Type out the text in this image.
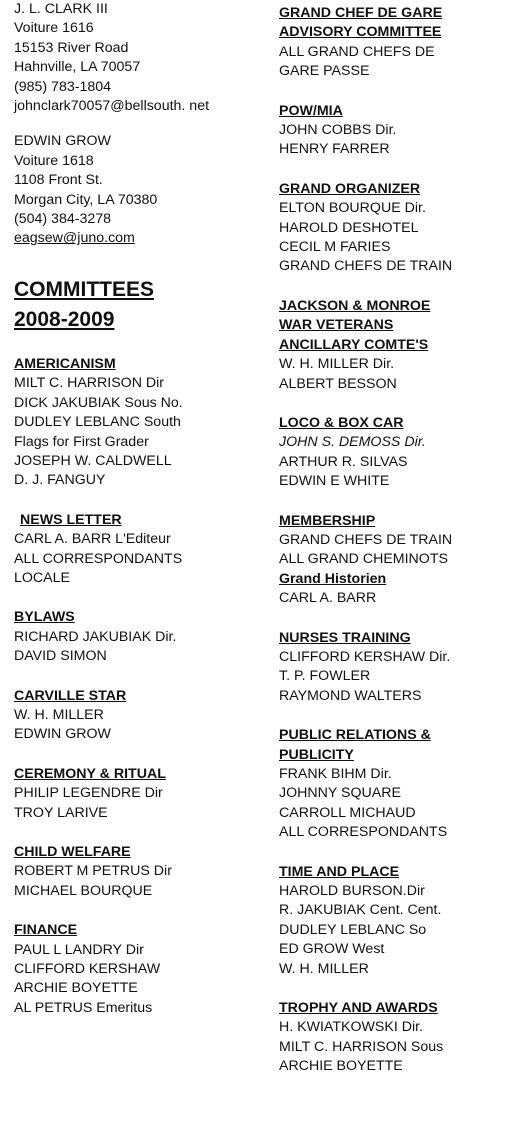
J. L. CLARK III
Voiture 1616
15153 River Road
Hahnville, LA 70057
(985) 783-1804
johnclark70057@bellsouth. net
EDWIN GROW
Voiture 1618
1108 Front St.
Morgan City, LA 70380
(504) 384-3278
eagsew@juno.com
COMMITTEES
2008-2009
AMERICANISM
MILT C. HARRISON Dir
DICK JAKUBIAK Sous No.
DUDLEY LEBLANC South
Flags for First Grader
JOSEPH W. CALDWELL
D. J. FANGUY
NEWS LETTER
CARL A. BARR L'Editeur
ALL CORRESPONDANTS
LOCALE
BYLAWS
RICHARD JAKUBIAK Dir.
DAVID SIMON
CARVILLE STAR
W. H. MILLER
EDWIN GROW
CEREMONY & RITUAL
PHILIP LEGENDRE Dir
TROY LARIVE
CHILD WELFARE
ROBERT M PETRUS Dir
MICHAEL BOURQUE
FINANCE
PAUL L LANDRY Dir
CLIFFORD KERSHAW
ARCHIE BOYETTE
AL PETRUS Emeritus
GRAND CHEF DE GARE
ADVISORY COMMITTEE
ALL GRAND CHEFS DE
GARE PASSE
POW/MIA
JOHN COBBS Dir.
HENRY FARRER
GRAND ORGANIZER
ELTON BOURQUE Dir.
HAROLD DESHOTEL
CECIL M FARIES
GRAND CHEFS DE TRAIN
JACKSON & MONROE
WAR VETERANS
ANCILLARY COMTE'S
W. H. MILLER Dir.
ALBERT BESSON
LOCO & BOX CAR
JOHN S. DEMOSS Dir.
ARTHUR R. SILVAS
EDWIN E WHITE
MEMBERSHIP
GRAND CHEFS DE TRAIN
ALL GRAND CHEMINOTS
Grand Historien
CARL A. BARR
NURSES TRAINING
CLIFFORD KERSHAW Dir.
T. P. FOWLER
RAYMOND WALTERS
PUBLIC RELATIONS &
PUBLICITY
FRANK BIHM Dir.
JOHNNY SQUARE
CARROLL MICHAUD
ALL CORRESPONDANTS
TIME AND PLACE
HAROLD BURSON.Dir
R. JAKUBIAK Cent. Cent.
DUDLEY LEBLANC So
ED GROW West
W. H. MILLER
TROPHY AND AWARDS
H. KWIATKOWSKI Dir.
MILT C. HARRISON Sous
ARCHIE BOYETTE
